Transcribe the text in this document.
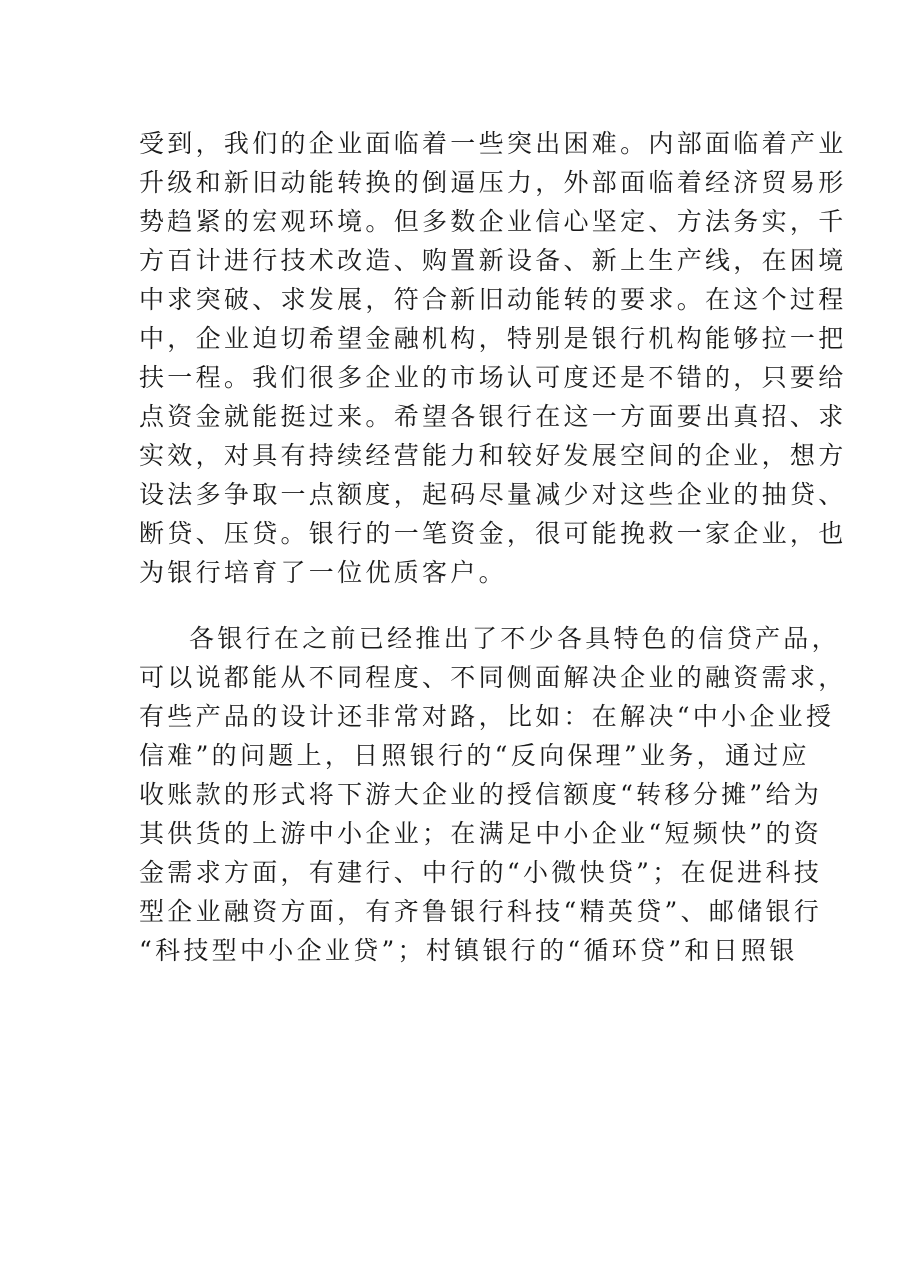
受到，我们的企业面临着一些突出困难。内部面临着产业
升级和新旧动能转换的倒逼压力，外部面临着经济贸易形
势趋紧的宏观环境。但多数企业信心坚定、方法务实，千
方百计进行技术改造、购置新设备、新上生产线，在困境
中求突破、求发展，符合新旧动能转的要求。在这个过程
中，企业迫切希望金融机构，特别是银行机构能够拉一把
扶一程。我们很多企业的市场认可度还是不错的，只要给
点资金就能挺过来。希望各银行在这一方面要出真招、求
实效，对具有持续经营能力和较好发展空间的企业，想方
设法多争取一点额度，起码尽量减少对这些企业的抽贷、
断贷、压贷。银行的一笔资金，很可能挽救一家企业，也
为银行培育了一位优质客户。
各银行在之前已经推出了不少各具特色的信贷产品，
可以说都能从不同程度、不同侧面解决企业的融资需求，
有些产品的设计还非常对路，比如：在解决“中小企业授
信难”的问题上，日照银行的“反向保理”业务，通过应
收账款的形式将下游大企业的授信额度“转移分摊”给为
其供货的上游中小企业；在满足中小企业“短频快”的资
金需求方面，有建行、中行的“小微快贷”；在促进科技
型企业融资方面，有齐鲁银行科技“精英贷”、邮储银行
“科技型中小企业贷”；村镇银行的“循环贷”和日照银
